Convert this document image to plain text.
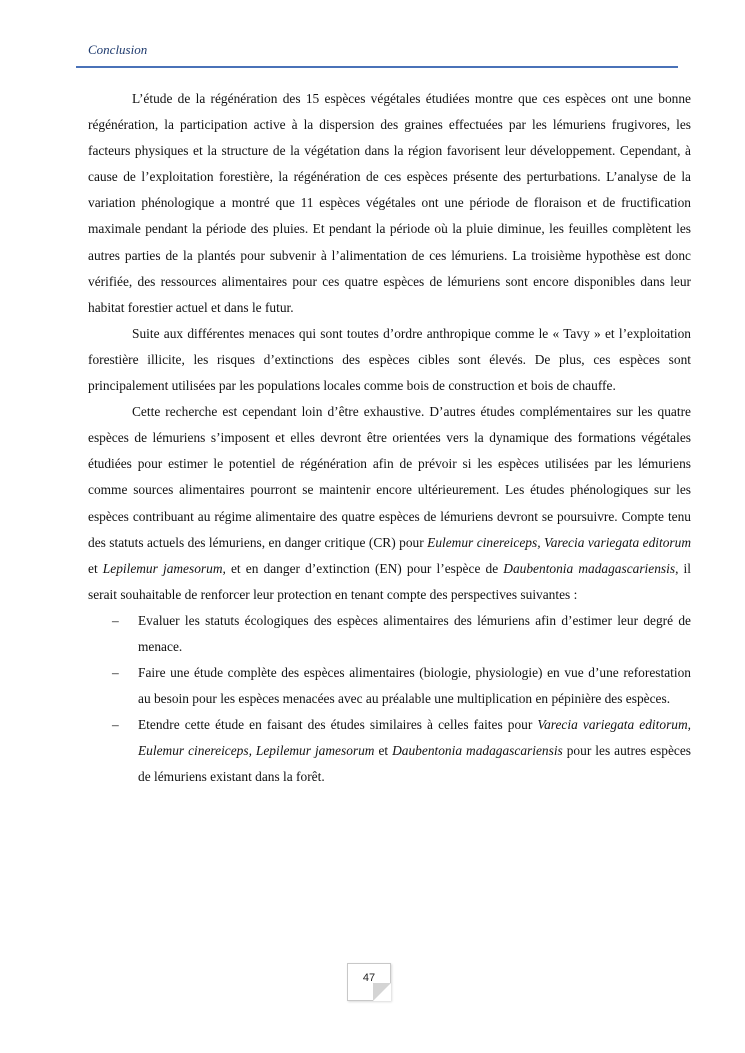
Conclusion

L’étude de la régénération des 15 espèces végétales étudiées montre que ces espèces ont une bonne régénération, la participation active à la dispersion des graines effectuées par les lémuriens frugivores, les facteurs physiques et la structure de la végétation dans la région favorisent leur développement. Cependant, à cause de l’exploitation forestière, la régénération de ces espèces présente des perturbations. L’analyse de la variation phénologique a montré que 11 espèces végétales ont une période de floraison et de fructification maximale pendant la période des pluies. Et pendant la période où la pluie diminue, les feuilles complètent les autres parties de la plantés pour subvenir à l’alimentation de ces lémuriens. La troisième hypothèse est donc vérifiée, des ressources alimentaires pour ces quatre espèces de lémuriens sont encore disponibles dans leur habitat forestier actuel et dans le futur.

Suite aux différentes menaces qui sont toutes d’ordre anthropique comme le « Tavy » et l’exploitation forestière illicite, les risques d’extinctions des espèces cibles sont élevés. De plus, ces espèces sont principalement utilisées par les populations locales comme bois de construction et bois de chauffe.

Cette recherche est cependant loin d’être exhaustive. D’autres études complémentaires sur les quatre espèces de lémuriens s’imposent et elles devront être orientées vers la dynamique des formations végétales étudiées pour estimer le potentiel de régénération afin de prévoir si les espèces utilisées par les lémuriens comme sources alimentaires pourront se maintenir encore ultérieurement. Les études phénologiques sur les espèces contribuant au régime alimentaire des quatre espèces de lémuriens devront se poursuivre. Compte tenu des statuts actuels des lémuriens, en danger critique (CR) pour Eulemur cinereiceps, Varecia variegata editorum et Lepilemur jamesorum, et en danger d’extinction (EN) pour l’espèce de Daubentonia madagascariensis, il serait souhaitable de renforcer leur protection en tenant compte des perspectives suivantes :

– Evaluer les statuts écologiques des espèces alimentaires des lémuriens afin d’estimer leur degré de menace.
– Faire une étude complète des espèces alimentaires (biologie, physiologie) en vue d’une reforestation au besoin pour les espèces menacées avec au préalable une multiplication en pépinière des espèces.
– Etendre cette étude en faisant des études similaires à celles faites pour Varecia variegata editorum, Eulemur cinereiceps, Lepilemur jamesorum et Daubentonia madagascariensis pour les autres espèces de lémuriens existant dans la forêt.
47
